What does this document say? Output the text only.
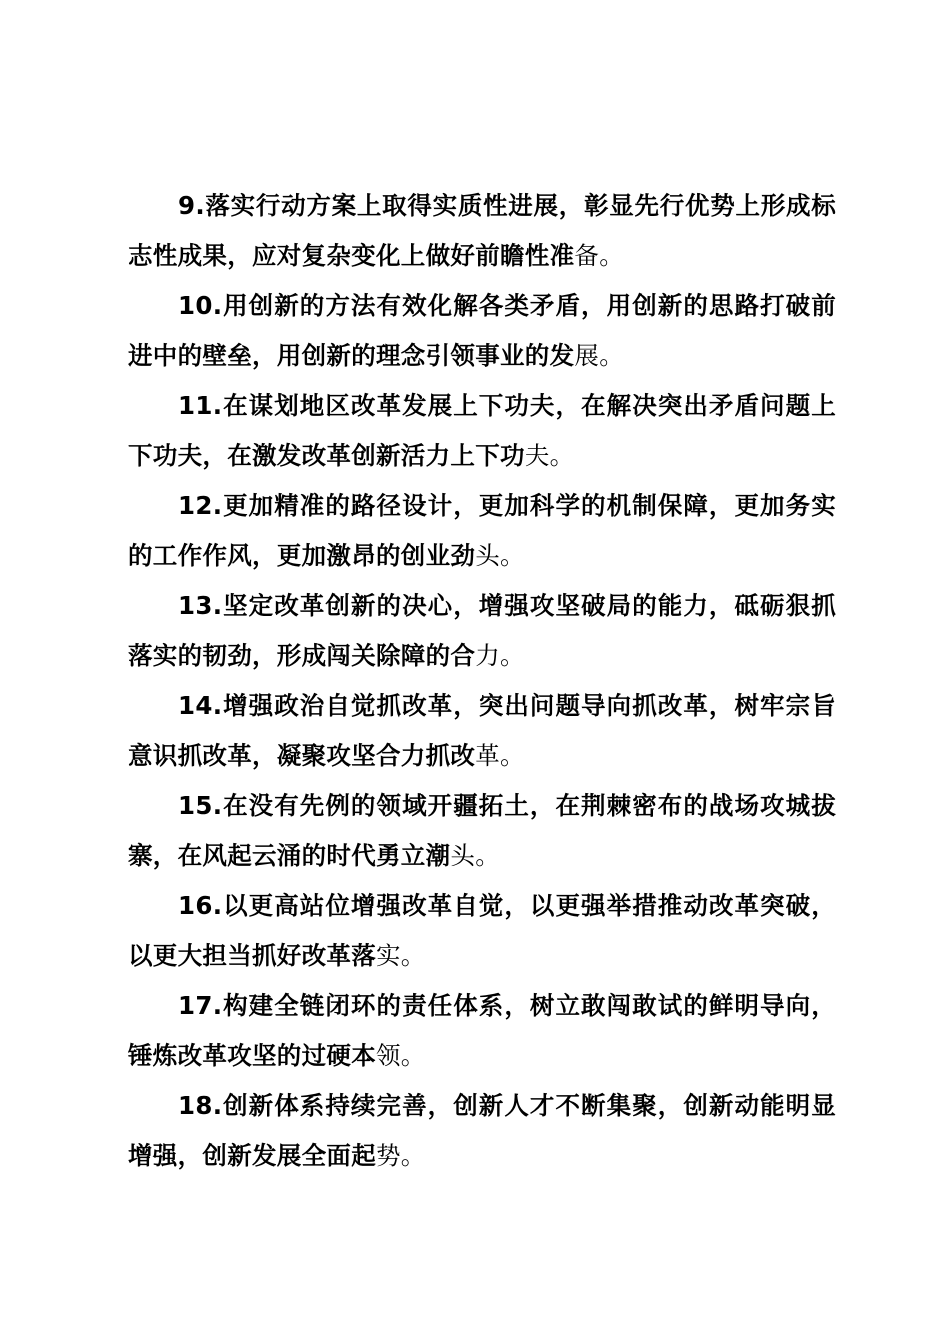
9.落实行动方案上取得实质性进展，彰显先行优势上形成标志性成果，应对复杂变化上做好前瞻性准备。

10.用创新的方法有效化解各类矛盾，用创新的思路打破前进中的壁垒，用创新的理念引领事业的发展。

11.在谋划地区改革发展上下功夫，在解决突出矛盾问题上下功夫，在激发改革创新活力上下功夫。

12.更加精准的路径设计，更加科学的机制保障，更加务实的工作作风，更加激昂的创业劲头。

13.坚定改革创新的决心，增强攻坚破局的能力，砥砺狠抓落实的韧劲，形成闯关除障的合力。

14.增强政治自觉抓改革，突出问题导向抓改革，树牢宗旨意识抓改革，凝聚攻坚合力抓改革。

15.在没有先例的领域开疆拓土，在荆棘密布的战场攻城拔寨，在风起云涌的时代勇立潮头。

16.以更高站位增强改革自觉，以更强举措推动改革突破，以更大担当抓好改革落实。

17.构建全链闭环的责任体系，树立敢闯敢试的鲜明导向，锤炼改革攻坚的过硬本领。

18.创新体系持续完善，创新人才不断集聚，创新动能明显增强，创新发展全面起势。
